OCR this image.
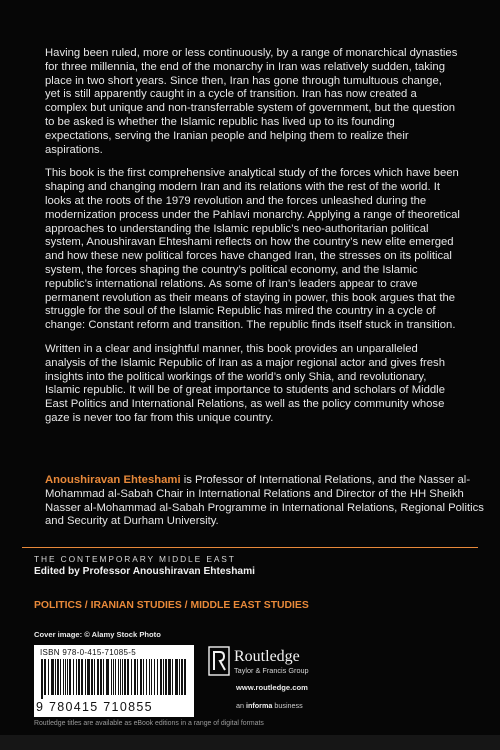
Having been ruled, more or less continuously, by a range of monarchical dynasties for three millennia, the end of the monarchy in Iran was relatively sudden, taking place in two short years. Since then, Iran has gone through tumultuous change, yet is still apparently caught in a cycle of transition. Iran has now created a complex but unique and non-transferrable system of government, but the question to be asked is whether the Islamic republic has lived up to its founding expectations, serving the Iranian people and helping them to realize their aspirations.

This book is the first comprehensive analytical study of the forces which have been shaping and changing modern Iran and its relations with the rest of the world. It looks at the roots of the 1979 revolution and the forces unleashed during the modernization process under the Pahlavi monarchy. Applying a range of theoretical approaches to understanding the Islamic republic’s neo-authoritarian political system, Anoushiravan Ehteshami reflects on how the country’s new elite emerged and how these new political forces have changed Iran, the stresses on its political system, the forces shaping the country’s political economy, and the Islamic republic’s international relations. As some of Iran’s leaders appear to crave permanent revolution as their means of staying in power, this book argues that the struggle for the soul of the Islamic Republic has mired the country in a cycle of change: Constant reform and transition. The republic finds itself stuck in transition.

Written in a clear and insightful manner, this book provides an unparalleled analysis of the Islamic Republic of Iran as a major regional actor and gives fresh insights into the political workings of the world’s only Shia, and revolutionary, Islamic republic. It will be of great importance to students and scholars of Middle East Politics and International Relations, as well as the policy community whose gaze is never too far from this unique country.

Anoushiravan Ehteshami is Professor of International Relations, and the Nasser al-Mohammad al-Sabah Chair in International Relations and Director of the HH Sheikh Nasser al-Mohammad al-Sabah Programme in International Relations, Regional Politics and Security at Durham University.

THE CONTEMPORARY MIDDLE EAST
Edited by Professor Anoushiravan Ehteshami
POLITICS / IRANIAN STUDIES / MIDDLE EAST STUDIES
Cover image: © Alamy Stock Photo
ISBN 978-0-415-71085-5
9 780415 710855
Routledge
Taylor & Francis Group
www.routledge.com
an informa business
Routledge titles are available as eBook editions in a range of digital formats
